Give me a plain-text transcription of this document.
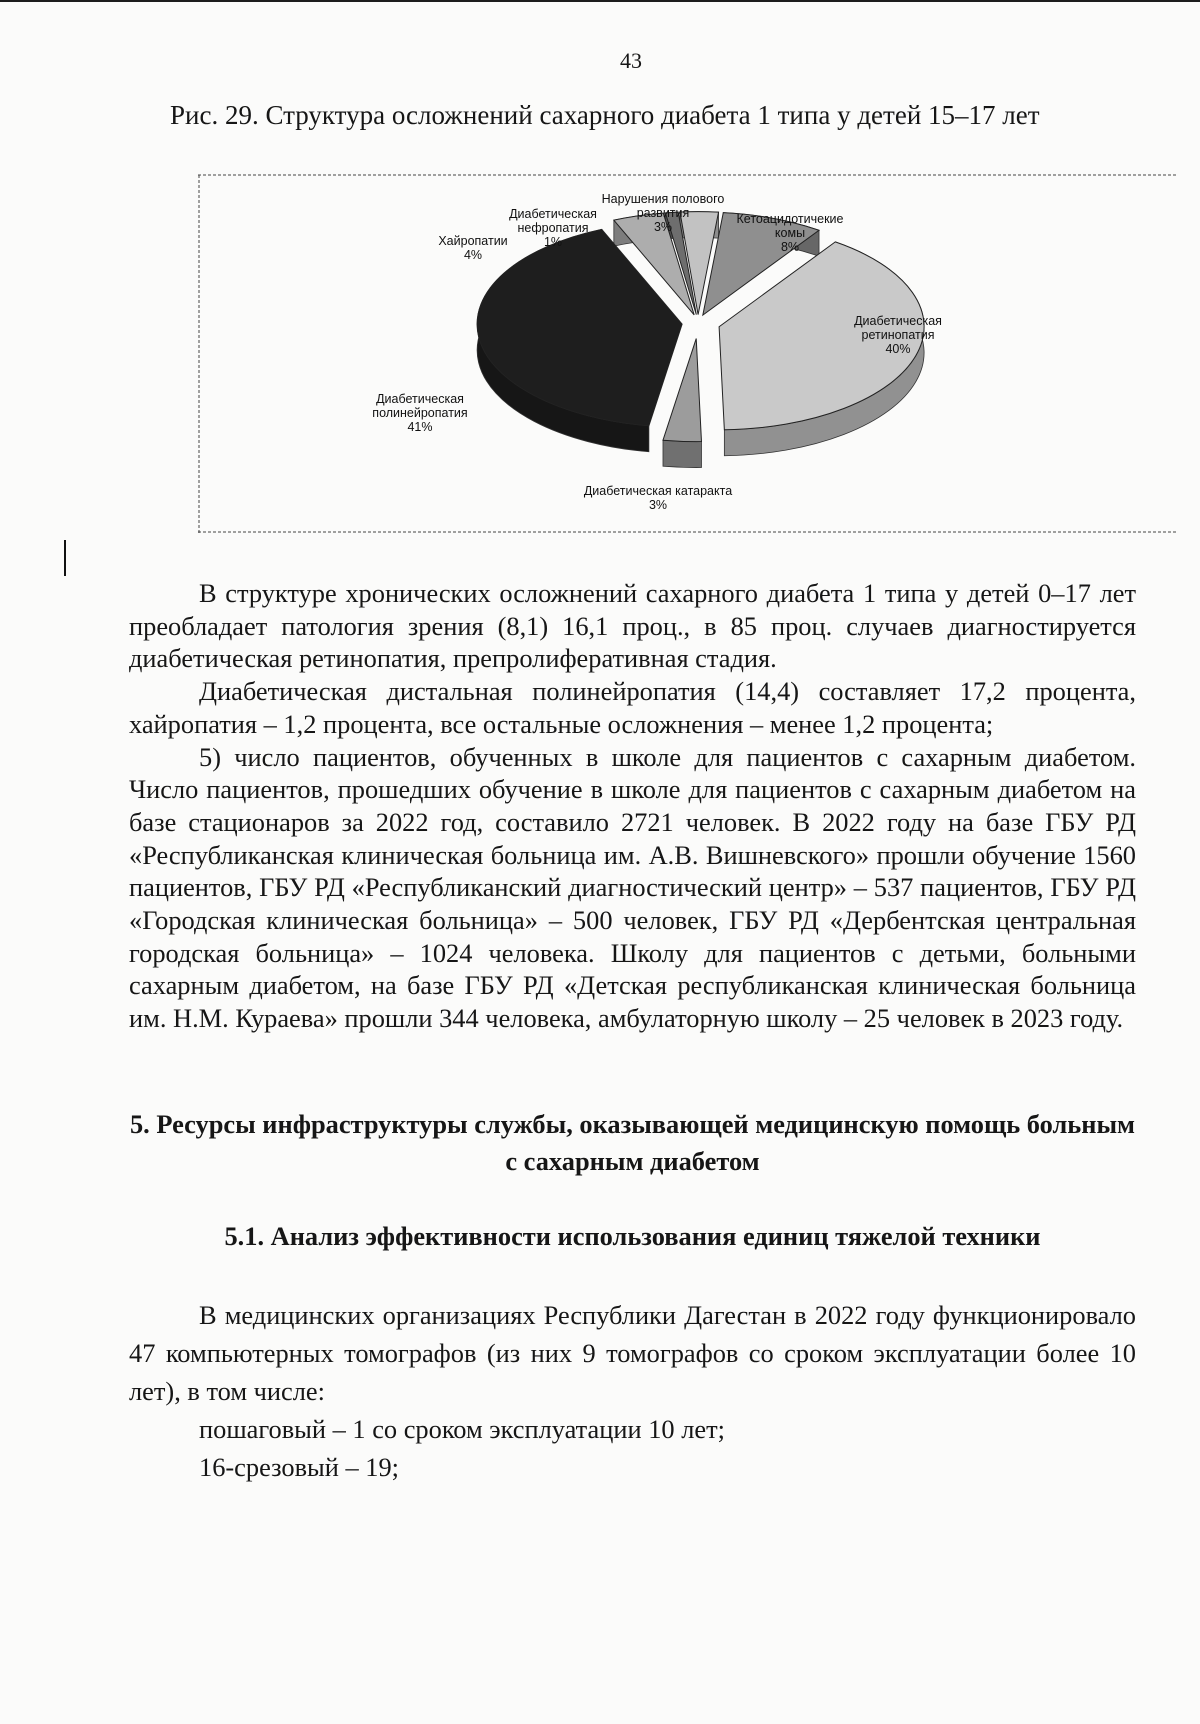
43
Рис. 29. Структура осложнений сахарного диабета 1 типа у детей 15–17 лет
Кетоацидотичекие комы 8%
Диабетическая ретинопатия 40%
Диабетическая катаракта 3%
Диабетическая полинейропатия 41%
Хайропатии 4%
Диабетическая нефропатия 1%
Нарушения полового развития 3%

В структуре хронических осложнений сахарного диабета 1 типа у детей 0–17 лет преобладает патология зрения (8,1) 16,1 проц., в 85 проц. случаев диагностируется диабетическая ретинопатия, препролиферативная стадия.

Диабетическая дистальная полинейропатия (14,4) составляет 17,2 процента, хайропатия – 1,2 процента, все остальные осложнения – менее 1,2 процента;

5) число пациентов, обученных в школе для пациентов с сахарным диабетом. Число пациентов, прошедших обучение в школе для пациентов с сахарным диабетом на базе стационаров за 2022 год, составило 2721 человек. В 2022 году на базе ГБУ РД «Республиканская клиническая больница им. А.В. Вишневского» прошли обучение 1560 пациентов, ГБУ РД «Республиканский диагностический центр» – 537 пациентов, ГБУ РД «Городская клиническая больница» – 500 человек, ГБУ РД «Дербентская центральная городская больница» – 1024 человека. Школу для пациентов с детьми, больными сахарным диабетом, на базе ГБУ РД «Детская республиканская клиническая больница им. Н.М. Кураева» прошли 344 человека, амбулаторную школу – 25 человек в 2023 году.

5. Ресурсы инфраструктуры службы, оказывающей медицинскую помощь больным с сахарным диабетом
5.1. Анализ эффективности использования единиц тяжелой техники

В медицинских организациях Республики Дагестан в 2022 году функционировало 47 компьютерных томографов (из них 9 томографов со сроком эксплуатации более 10 лет), в том числе:

пошаговый – 1 со сроком эксплуатации 10 лет;

16-срезовый – 19;
